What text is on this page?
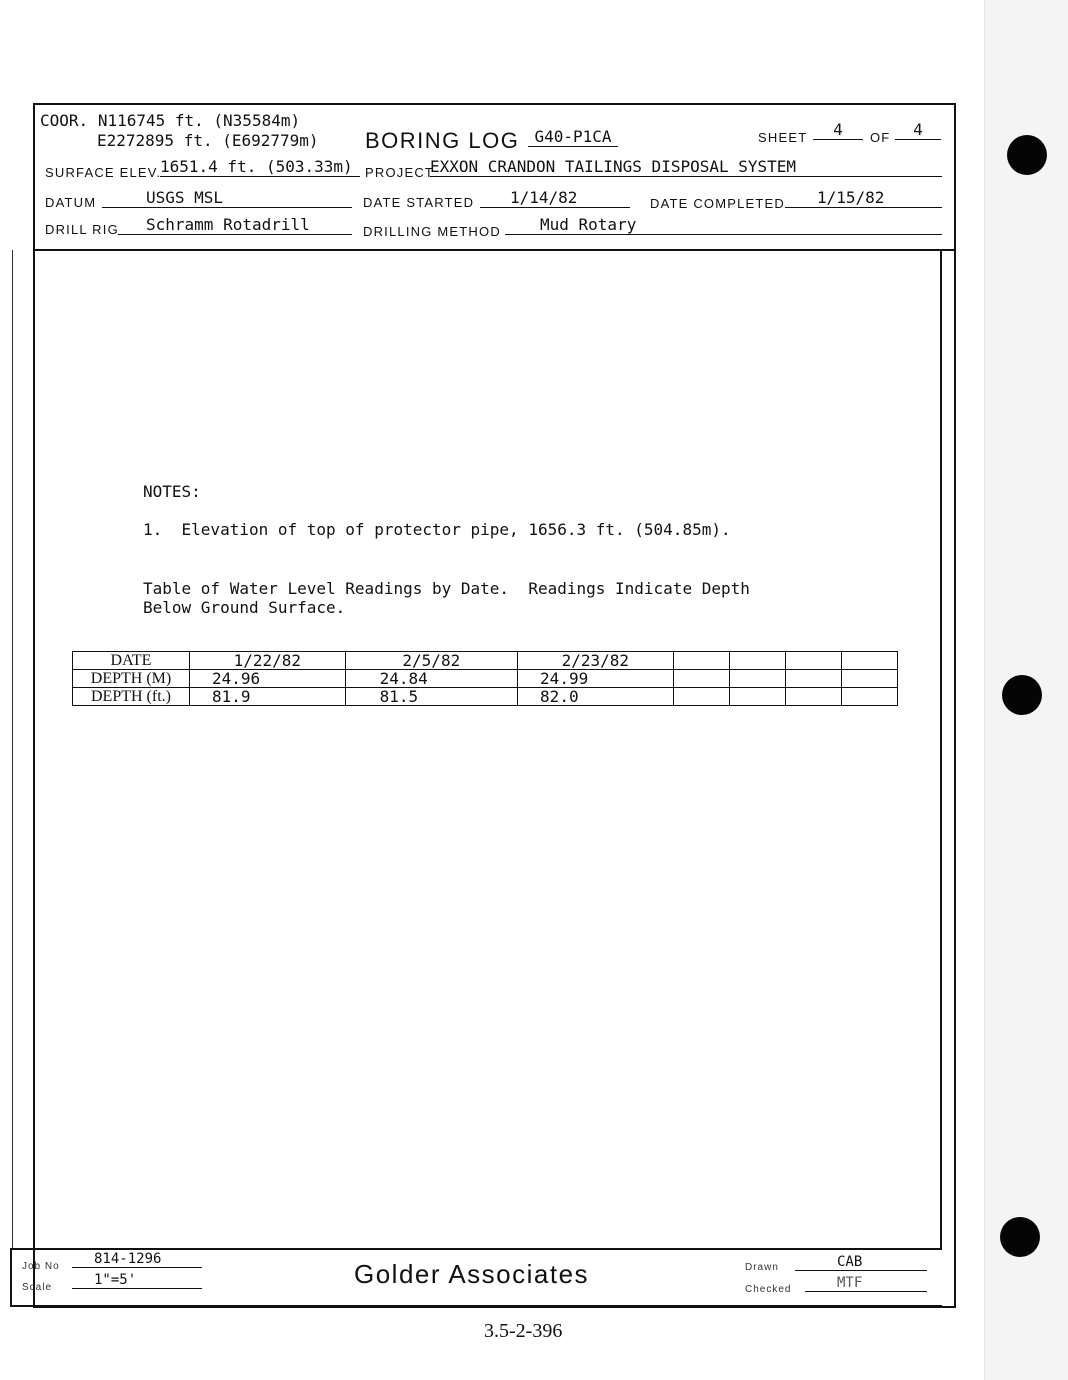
COOR. N116745 ft. (N35584m)
E2272895 ft. (E692779m) BORING LOG G40-P1CA	SHEET	4	OF	4
SURFACE ELEV.
1651.4 ft. (503.33m) PROJECT
EXXON CRANDON TAILINGS DISPOSAL SYSTEM
DATUM	USGS MSL	DATE STARTED	1/14/82	DATE COMPLETED	1/15/82
DRILL RIG	Schramm Rotadrill	DRILLING METHOD	Mud Rotary
NOTES:
1.  Elevation of top of protector pipe, 1656.3 ft. (504.85m).
Table of Water Level Readings by Date.  Readings Indicate Depth
Below Ground Surface.
DATE	1/22/82	2/5/82	2/23/82				
DEPTH (M)	24.96	24.84	24.99				
DEPTH (ft.)	81.9	81.5	82.0				
Job No	814-1296
Scale	1"=5'	Golder Associates	Drawn	CAB
Checked	MTF
3.5-2-396
